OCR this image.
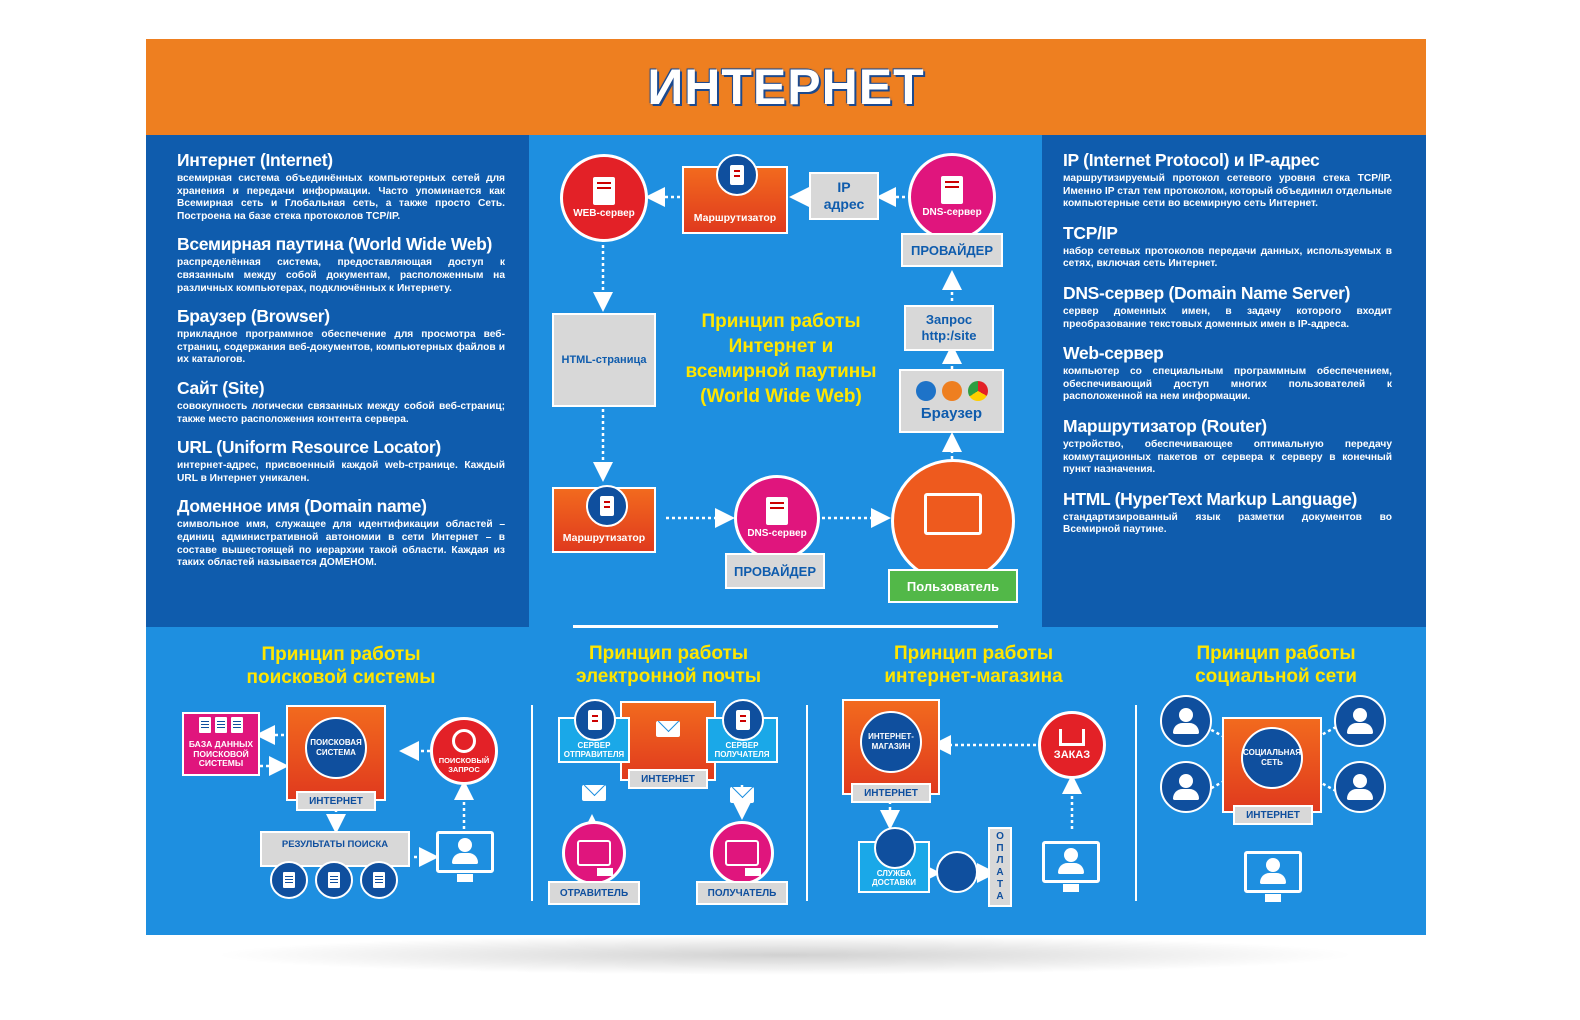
ИНТЕРНЕТ
Интернет (Internet)
всемирная система объединённых компьютерных сетей для хранения и передачи информации. Часто упоминается как Всемирная сеть и Глобальная сеть, а также просто Сеть. Построена на базе стека протоколов TCP/IP.
Всемирная паутина (World Wide Web)
распределённая система, предоставляющая доступ к связанным между собой документам, расположенным на различных компьютерах, подключённых к Интернету.
Браузер (Browser)
прикладное программное обеспечение для просмотра веб-страниц, содержания веб-документов, компьютерных файлов и их каталогов.
Сайт (Site)
совокупность логически связанных между собой веб-страниц; также место расположения контента сервера.
URL (Uniform Resource Locator)
интернет-адрес, присвоенный каждой web-странице. Каждый URL в Интернет уникален.
Доменное имя (Domain name)
символьное имя, служащее для идентификации областей – единиц административной автономии в сети Интернет – в составе вышестоящей по иерархии такой области. Каждая из таких областей называется ДОМЕНОМ.
IP (Internet Protocol) и IP-адрес
маршрутизируемый протокол сетевого уровня стека TCP/IP. Именно IP стал тем протоколом, который объединил отдельные компьютерные сети во всемирную сеть Интернет.
TCP/IP
набор сетевых протоколов передачи данных, используемых в сетях, включая сеть Интернет.
DNS-сервер (Domain Name Server)
сервер доменных имен, в задачу которого входит преобразование текстовых доменных имен в IP-адреса.
Web-сервер
компьютер со специальным программным обеспечением, обеспечивающий доступ многих пользователей к расположенной на нем информации.
Маршрутизатор (Router)
устройство, обеспечивающее оптимальную передачу коммутационных пакетов от сервера к серверу в конечный пункт назначения.
HTML (HyperText Markup Language)
стандартизированный язык разметки документов во Всемирной паутине.
WEB-сервер	Маршрутизатор
IP
адрес
DNS-сервер
ПРОВАЙДЕР
Запрос
http:/site
Браузер
HTML-страница
Принцип работы
Интернет и
всемирной паутины
(World Wide Web)
Маршрутизатор	DNS-сервер
ПРОВАЙДЕР
Пользователь
Принцип работы
поисковой системы
БАЗА ДАННЫХ
ПОИСКОВОЙ
СИСТЕМЫ
ПОИСКОВАЯ
СИСТЕМА
ИНТЕРНЕТ
ПОИСКОВЫЙ
ЗАПРОС
РЕЗУЛЬТАТЫ ПОИСКА
Принцип работы
электронной почты
ИНТЕРНЕТ
СЕРВЕР
ОТПРАВИТЕЛЯ
СЕРВЕР
ПОЛУЧАТЕЛЯ
ОТРАВИТЕЛЬ	ПОЛУЧАТЕЛЬ
Принцип работы
интернет-магазина
ИНТЕРНЕТ-
МАГАЗИН
ИНТЕРНЕТ
ЗАКАЗ
СЛУЖБА
ДОСТАВКИ	ОПЛАТА
Принцип работы
социальной сети
СОЦИАЛЬНАЯ
СЕТЬ
ИНТЕРНЕТ
